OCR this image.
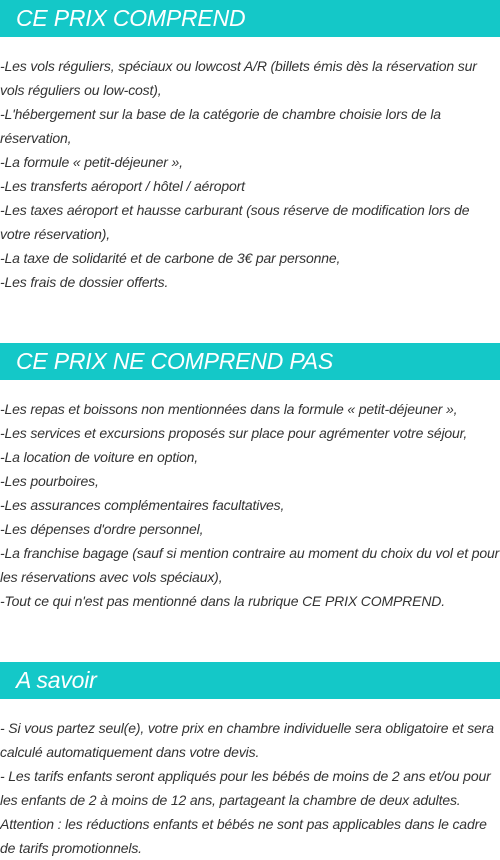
CE PRIX COMPREND
-Les vols réguliers, spéciaux ou lowcost A/R (billets émis dès la réservation sur vols réguliers ou low-cost),
-L'hébergement sur la base de la catégorie de chambre choisie lors de la réservation,
-La formule « petit-déjeuner »,
-Les transferts aéroport / hôtel / aéroport
-Les taxes aéroport et hausse carburant (sous réserve de modification lors de votre réservation),
-La taxe de solidarité et de carbone de 3€ par personne,
-Les frais de dossier offerts.
CE PRIX NE COMPREND PAS
-Les repas et boissons non mentionnées dans la formule « petit-déjeuner »,
-Les services et excursions proposés sur place pour agrémenter votre séjour,
-La location de voiture en option,
-Les pourboires,
-Les assurances complémentaires facultatives,
-Les dépenses d'ordre personnel,
-La franchise bagage (sauf si mention contraire au moment du choix du vol et pour les réservations avec vols spéciaux),
-Tout ce qui n'est pas mentionné dans la rubrique CE PRIX COMPREND.
A savoir
- Si vous partez seul(e), votre prix en chambre individuelle sera obligatoire et sera calculé automatiquement dans votre devis.
- Les tarifs enfants seront appliqués pour les bébés de moins de 2 ans et/ou pour les enfants de 2 à moins de 12 ans, partageant la chambre de deux adultes.
Attention : les réductions enfants et bébés ne sont pas applicables dans le cadre de tarifs promotionnels.
